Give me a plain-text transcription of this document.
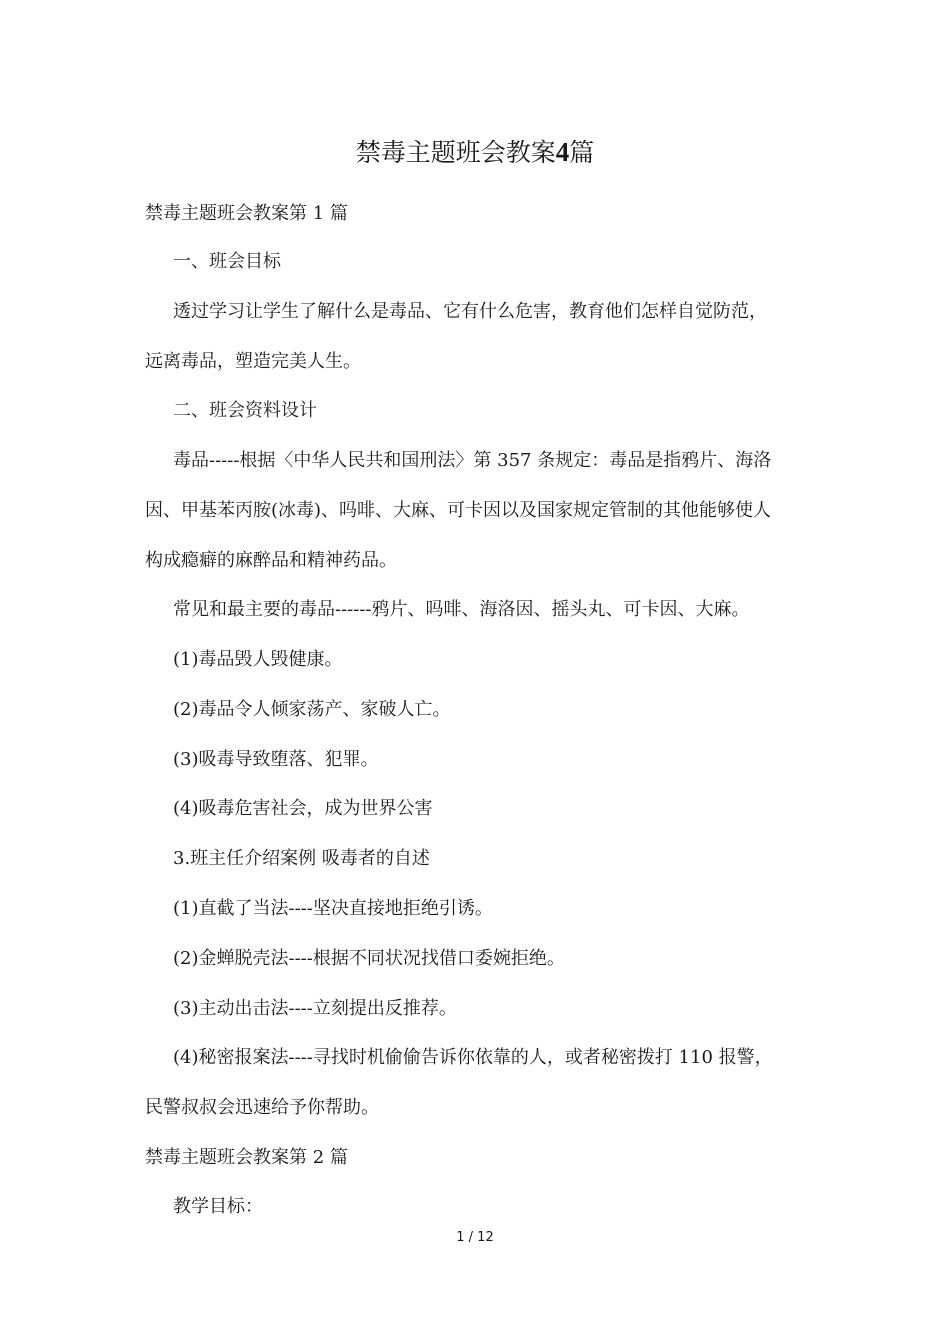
禁毒主题班会教案4篇
禁毒主题班会教案第 1 篇
一、班会目标
透过学习让学生了解什么是毒品、它有什么危害，教育他们怎样自觉防范，
远离毒品，塑造完美人生。
二、班会资料设计
毒品-----根据〈中华人民共和国刑法〉第 357 条规定：毒品是指鸦片、海洛
因、甲基苯丙胺(冰毒)、吗啡、大麻、可卡因以及国家规定管制的其他能够使人
构成瘾癖的麻醉品和精神药品。
常见和最主要的毒品------鸦片、吗啡、海洛因、摇头丸、可卡因、大麻。
(1)毒品毁人毁健康。
(2)毒品令人倾家荡产、家破人亡。
(3)吸毒导致堕落、犯罪。
(4)吸毒危害社会，成为世界公害
3.班主任介绍案例 吸毒者的自述
(1)直截了当法----坚决直接地拒绝引诱。
(2)金蝉脱壳法----根据不同状况找借口委婉拒绝。
(3)主动出击法----立刻提出反推荐。
(4)秘密报案法----寻找时机偷偷告诉你依靠的人，或者秘密拨打 110 报警，
民警叔叔会迅速给予你帮助。
禁毒主题班会教案第 2 篇
教学目标：
1 / 12
